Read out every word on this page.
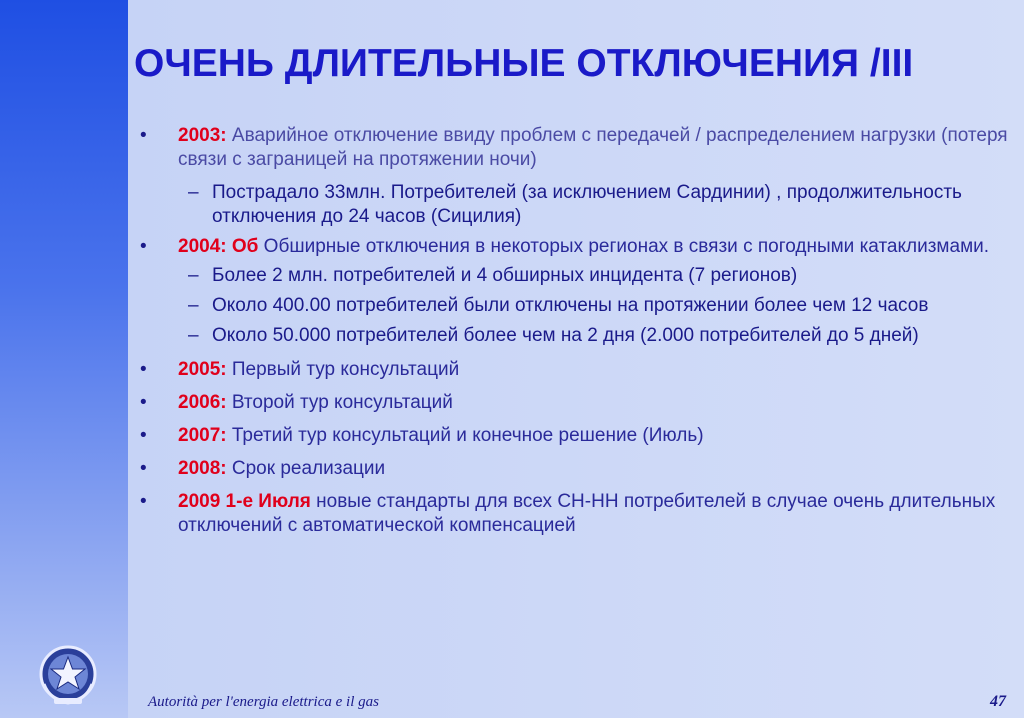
ОЧЕНЬ ДЛИТЕЛЬНЫЕ ОТКЛЮЧЕНИЯ /III
• 2003: Аварийное отключение ввиду проблем с передачей / распределением нагрузки (потеря связи с заграницей на протяжении ночи)
– Пострадало 33млн. Потребителей (за исключением Сардинии) , продолжительность отключения до 24 часов (Сицилия)
• 2004: Об Обширные отключения в некоторых регионах в связи с погодными катаклизмами.
– Более 2 млн. потребителей и 4 обширных инцидента (7 регионов)
– Около 400.00 потребителей были отключены на протяжении более чем 12 часов
– Около 50.000 потребителей более чем на 2 дня (2.000 потребителей до 5 дней)
• 2005: Первый тур консультаций
• 2006: Второй тур консультаций
• 2007: Третий тур консультаций и конечное решение (Июль)
• 2008: Срок реализации
• 2009 1-е Июля новые стандарты для всех СН-НН потребителей в случае очень длительных отключений с автоматической компенсацией
Autorità per l'energia elettrica e il gas	47
